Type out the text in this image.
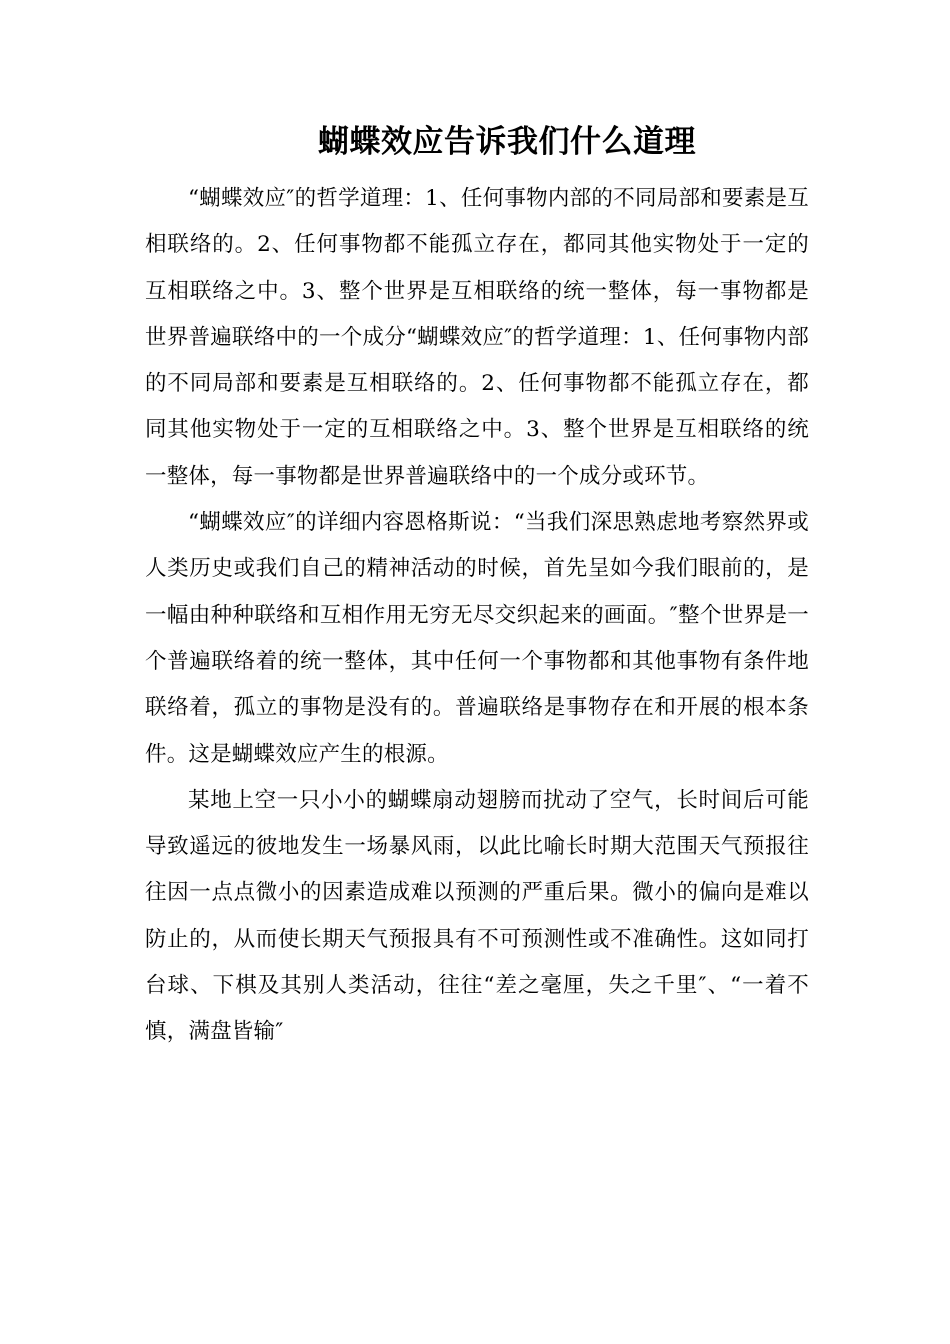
蝴蝶效应告诉我们什么道理

“蝴蝶效应″的哲学道理：1、任何事物内部的不同局部和要素是互相联络的。2、任何事物都不能孤立存在，都同其他实物处于一定的互相联络之中。3、整个世界是互相联络的统一整体，每一事物都是世界普遍联络中的一个成分“蝴蝶效应″的哲学道理：1、任何事物内部的不同局部和要素是互相联络的。2、任何事物都不能孤立存在，都同其他实物处于一定的互相联络之中。3、整个世界是互相联络的统一整体，每一事物都是世界普遍联络中的一个成分或环节。

“蝴蝶效应″的详细内容恩格斯说：“当我们深思熟虑地考察然界或人类历史或我们自己的精神活动的时候，首先呈如今我们眼前的，是一幅由种种联络和互相作用无穷无尽交织起来的画面。″整个世界是一个普遍联络着的统一整体，其中任何一个事物都和其他事物有条件地联络着，孤立的事物是没有的。普遍联络是事物存在和开展的根本条件。这是蝴蝶效应产生的根源。

某地上空一只小小的蝴蝶扇动翅膀而扰动了空气，长时间后可能导致遥远的彼地发生一场暴风雨，以此比喻长时期大范围天气预报往往因一点点微小的因素造成难以预测的严重后果。微小的偏向是难以防止的，从而使长期天气预报具有不可预测性或不准确性。这如同打台球、下棋及其别人类活动，往往“差之毫厘，失之千里″、“一着不慎，满盘皆输″
